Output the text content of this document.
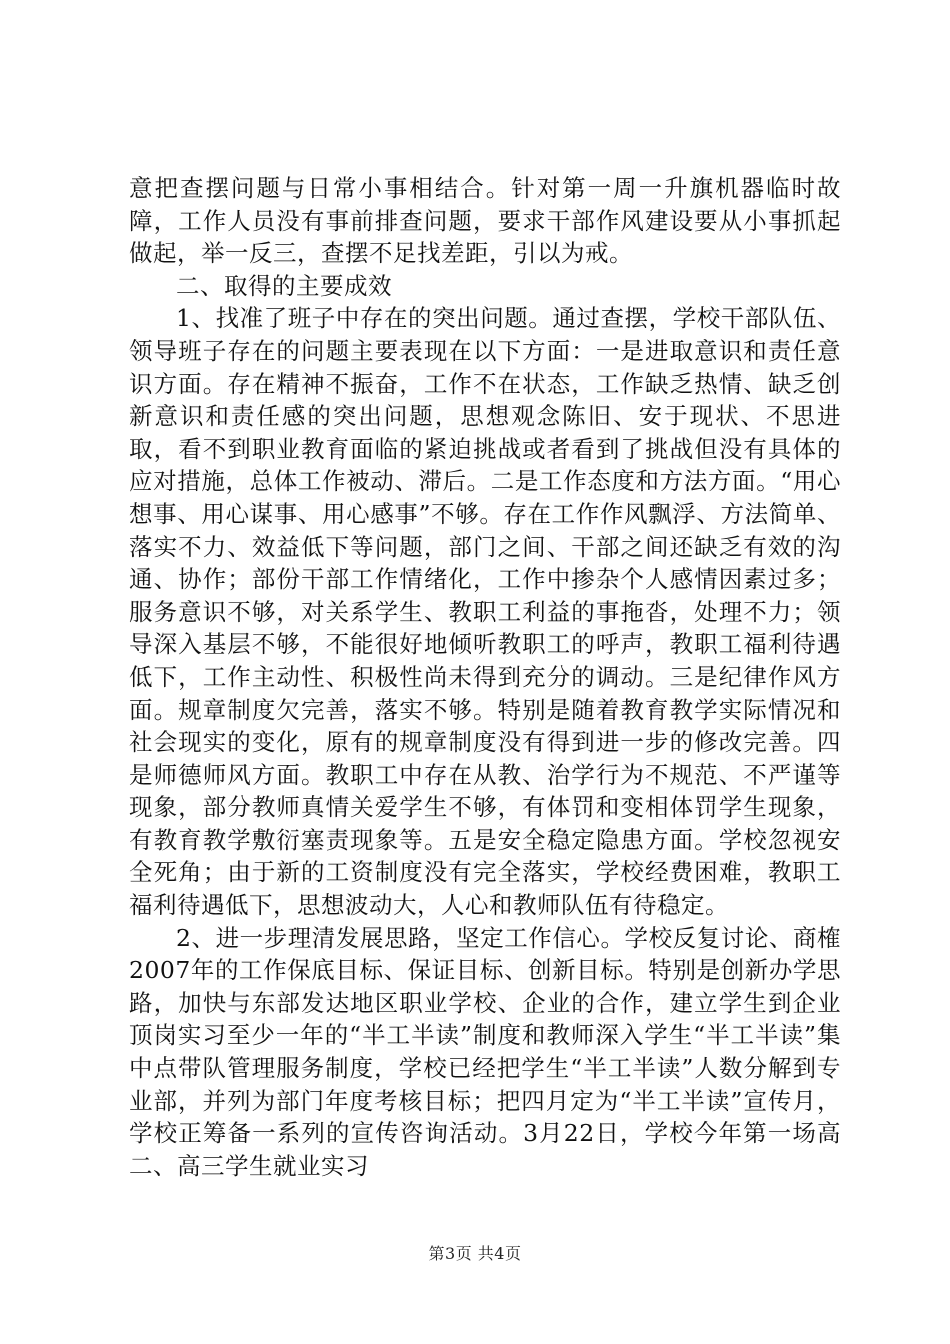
意把查摆问题与日常小事相结合。针对第一周一升旗机器临时故障，工作人员没有事前排查问题，要求干部作风建设要从小事抓起做起，举一反三，查摆不足找差距，引以为戒。

二、取得的主要成效

1、找准了班子中存在的突出问题。通过查摆，学校干部队伍、领导班子存在的问题主要表现在以下方面：一是进取意识和责任意识方面。存在精神不振奋，工作不在状态，工作缺乏热情、缺乏创新意识和责任感的突出问题，思想观念陈旧、安于现状、不思进取，看不到职业教育面临的紧迫挑战或者看到了挑战但没有具体的应对措施，总体工作被动、滞后。二是工作态度和方法方面。“用心想事、用心谋事、用心感事”不够。存在工作作风飘浮、方法简单、落实不力、效益低下等问题，部门之间、干部之间还缺乏有效的沟通、协作；部份干部工作情绪化，工作中掺杂个人感情因素过多；服务意识不够，对关系学生、教职工利益的事拖沓，处理不力；领导深入基层不够，不能很好地倾听教职工的呼声，教职工福利待遇低下，工作主动性、积极性尚未得到充分的调动。三是纪律作风方面。规章制度欠完善，落实不够。特别是随着教育教学实际情况和社会现实的变化，原有的规章制度没有得到进一步的修改完善。四是师德师风方面。教职工中存在从教、治学行为不规范、不严谨等现象，部分教师真情关爱学生不够，有体罚和变相体罚学生现象，有教育教学敷衍塞责现象等。五是安全稳定隐患方面。学校忽视安全死角；由于新的工资制度没有完全落实，学校经费困难，教职工福利待遇低下，思想波动大，人心和教师队伍有待稳定。

2、进一步理清发展思路，坚定工作信心。学校反复讨论、商榷2007年的工作保底目标、保证目标、创新目标。特别是创新办学思路，加快与东部发达地区职业学校、企业的合作，建立学生到企业顶岗实习至少一年的“半工半读”制度和教师深入学生“半工半读”集中点带队管理服务制度，学校已经把学生“半工半读”人数分解到专业部，并列为部门年度考核目标；把四月定为“半工半读”宣传月，学校正筹备一系列的宣传咨询活动。3月22日，学校今年第一场高二、高三学生就业实习

第3页 共4页
